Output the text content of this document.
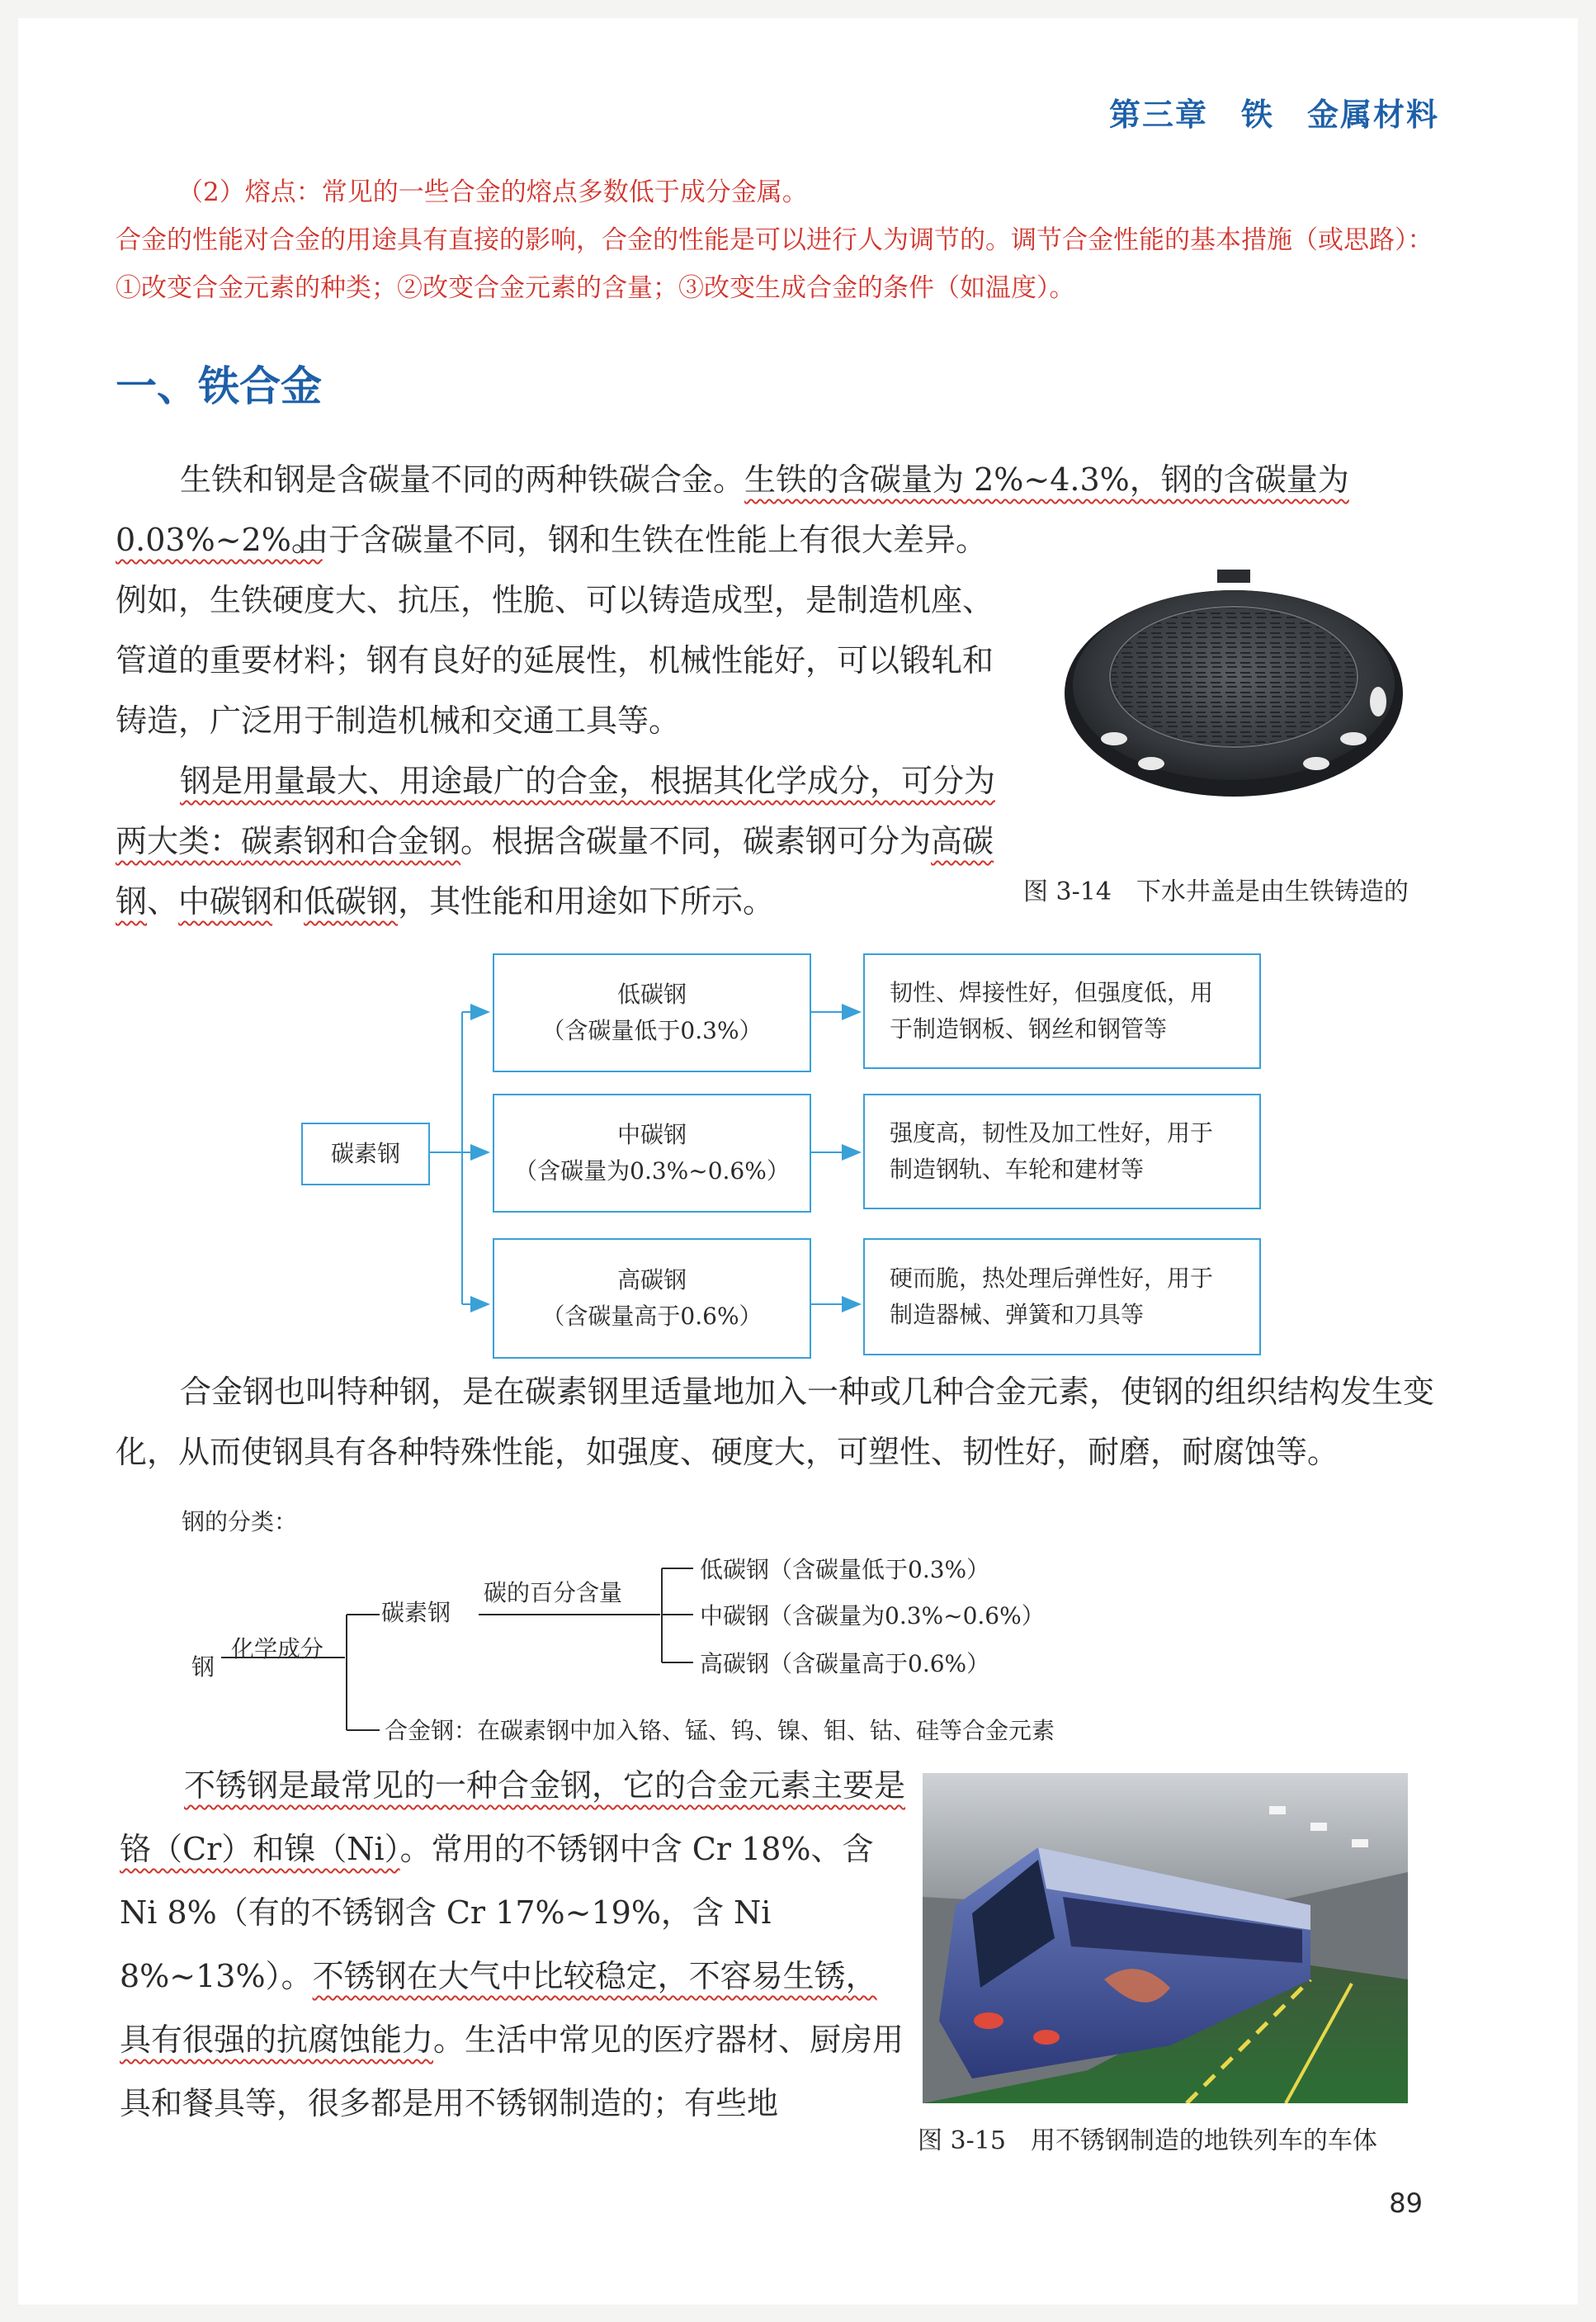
第三章　铁　金属材料
（2）熔点：常见的一些合金的熔点多数低于成分金属。
合金的性能对合金的用途具有直接的影响，合金的性能是可以进行人为调节的。调节合金性能的基本措施（或思路）：①改变合金元素的种类；②改变合金元素的含量；③改变生成合金的条件（如温度）。
一、铁合金
生铁和钢是含碳量不同的两种铁碳合金。生铁的含碳量为 2%~4.3%，钢的含碳量为 0.03%~2%。
由于含碳量不同，钢和生铁在性能上有很大差异。例如，生铁硬度大、抗压，性脆、可以铸造成型，是制造机座、管道的重要材料；钢有良好的延展性，机械性能好，可以锻轧和铸造，广泛用于制造机械和交通工具等。
钢是用量最大、用途最广的合金，根据其化学成分，可分为两大类：碳素钢和合金钢。根据含碳量不同，碳素钢可分为高碳钢、中碳钢和低碳钢，其性能和用途如下所示。	图 3-14　下水井盖是由生铁铸造的
碳素钢
低碳钢
（含碳量低于0.3%）
中碳钢
（含碳量为0.3%~0.6%）
高碳钢
（含碳量高于0.6%）
韧性、焊接性好，但强度低，用
于制造钢板、钢丝和钢管等
强度高，韧性及加工性好，用于
制造钢轨、车轮和建材等
硬而脆，热处理后弹性好，用于
制造器械、弹簧和刀具等
合金钢也叫特种钢，是在碳素钢里适量地加入一种或几种合金元素，使钢的组织结构发生变化，从而使钢具有各种特殊性能，如强度、硬度大，可塑性、韧性好，耐磨，耐腐蚀等。
钢的分类：
钢
化学成分
碳素钢
碳的百分含量
低碳钢（含碳量低于0.3%）
中碳钢（含碳量为0.3%~0.6%）
高碳钢（含碳量高于0.6%）
合金钢：在碳素钢中加入铬、锰、钨、镍、钼、钴、硅等合金元素
不锈钢是最常见的一种合金钢，它的合金元素主要是铬（Cr）和镍（Ni）。常用的不锈钢中含 Cr 18%、含 Ni 8%（有的不锈钢含 Cr 17%~19%，含 Ni 8%~13%）。不锈钢在大气中比较稳定，不容易生锈，具有很强的抗腐蚀能力。生活中常见的医疗器材、厨房用具和餐具等，很多都是用不锈钢制造的；有些地
图 3-15　用不锈钢制造的地铁列车的车体
89
